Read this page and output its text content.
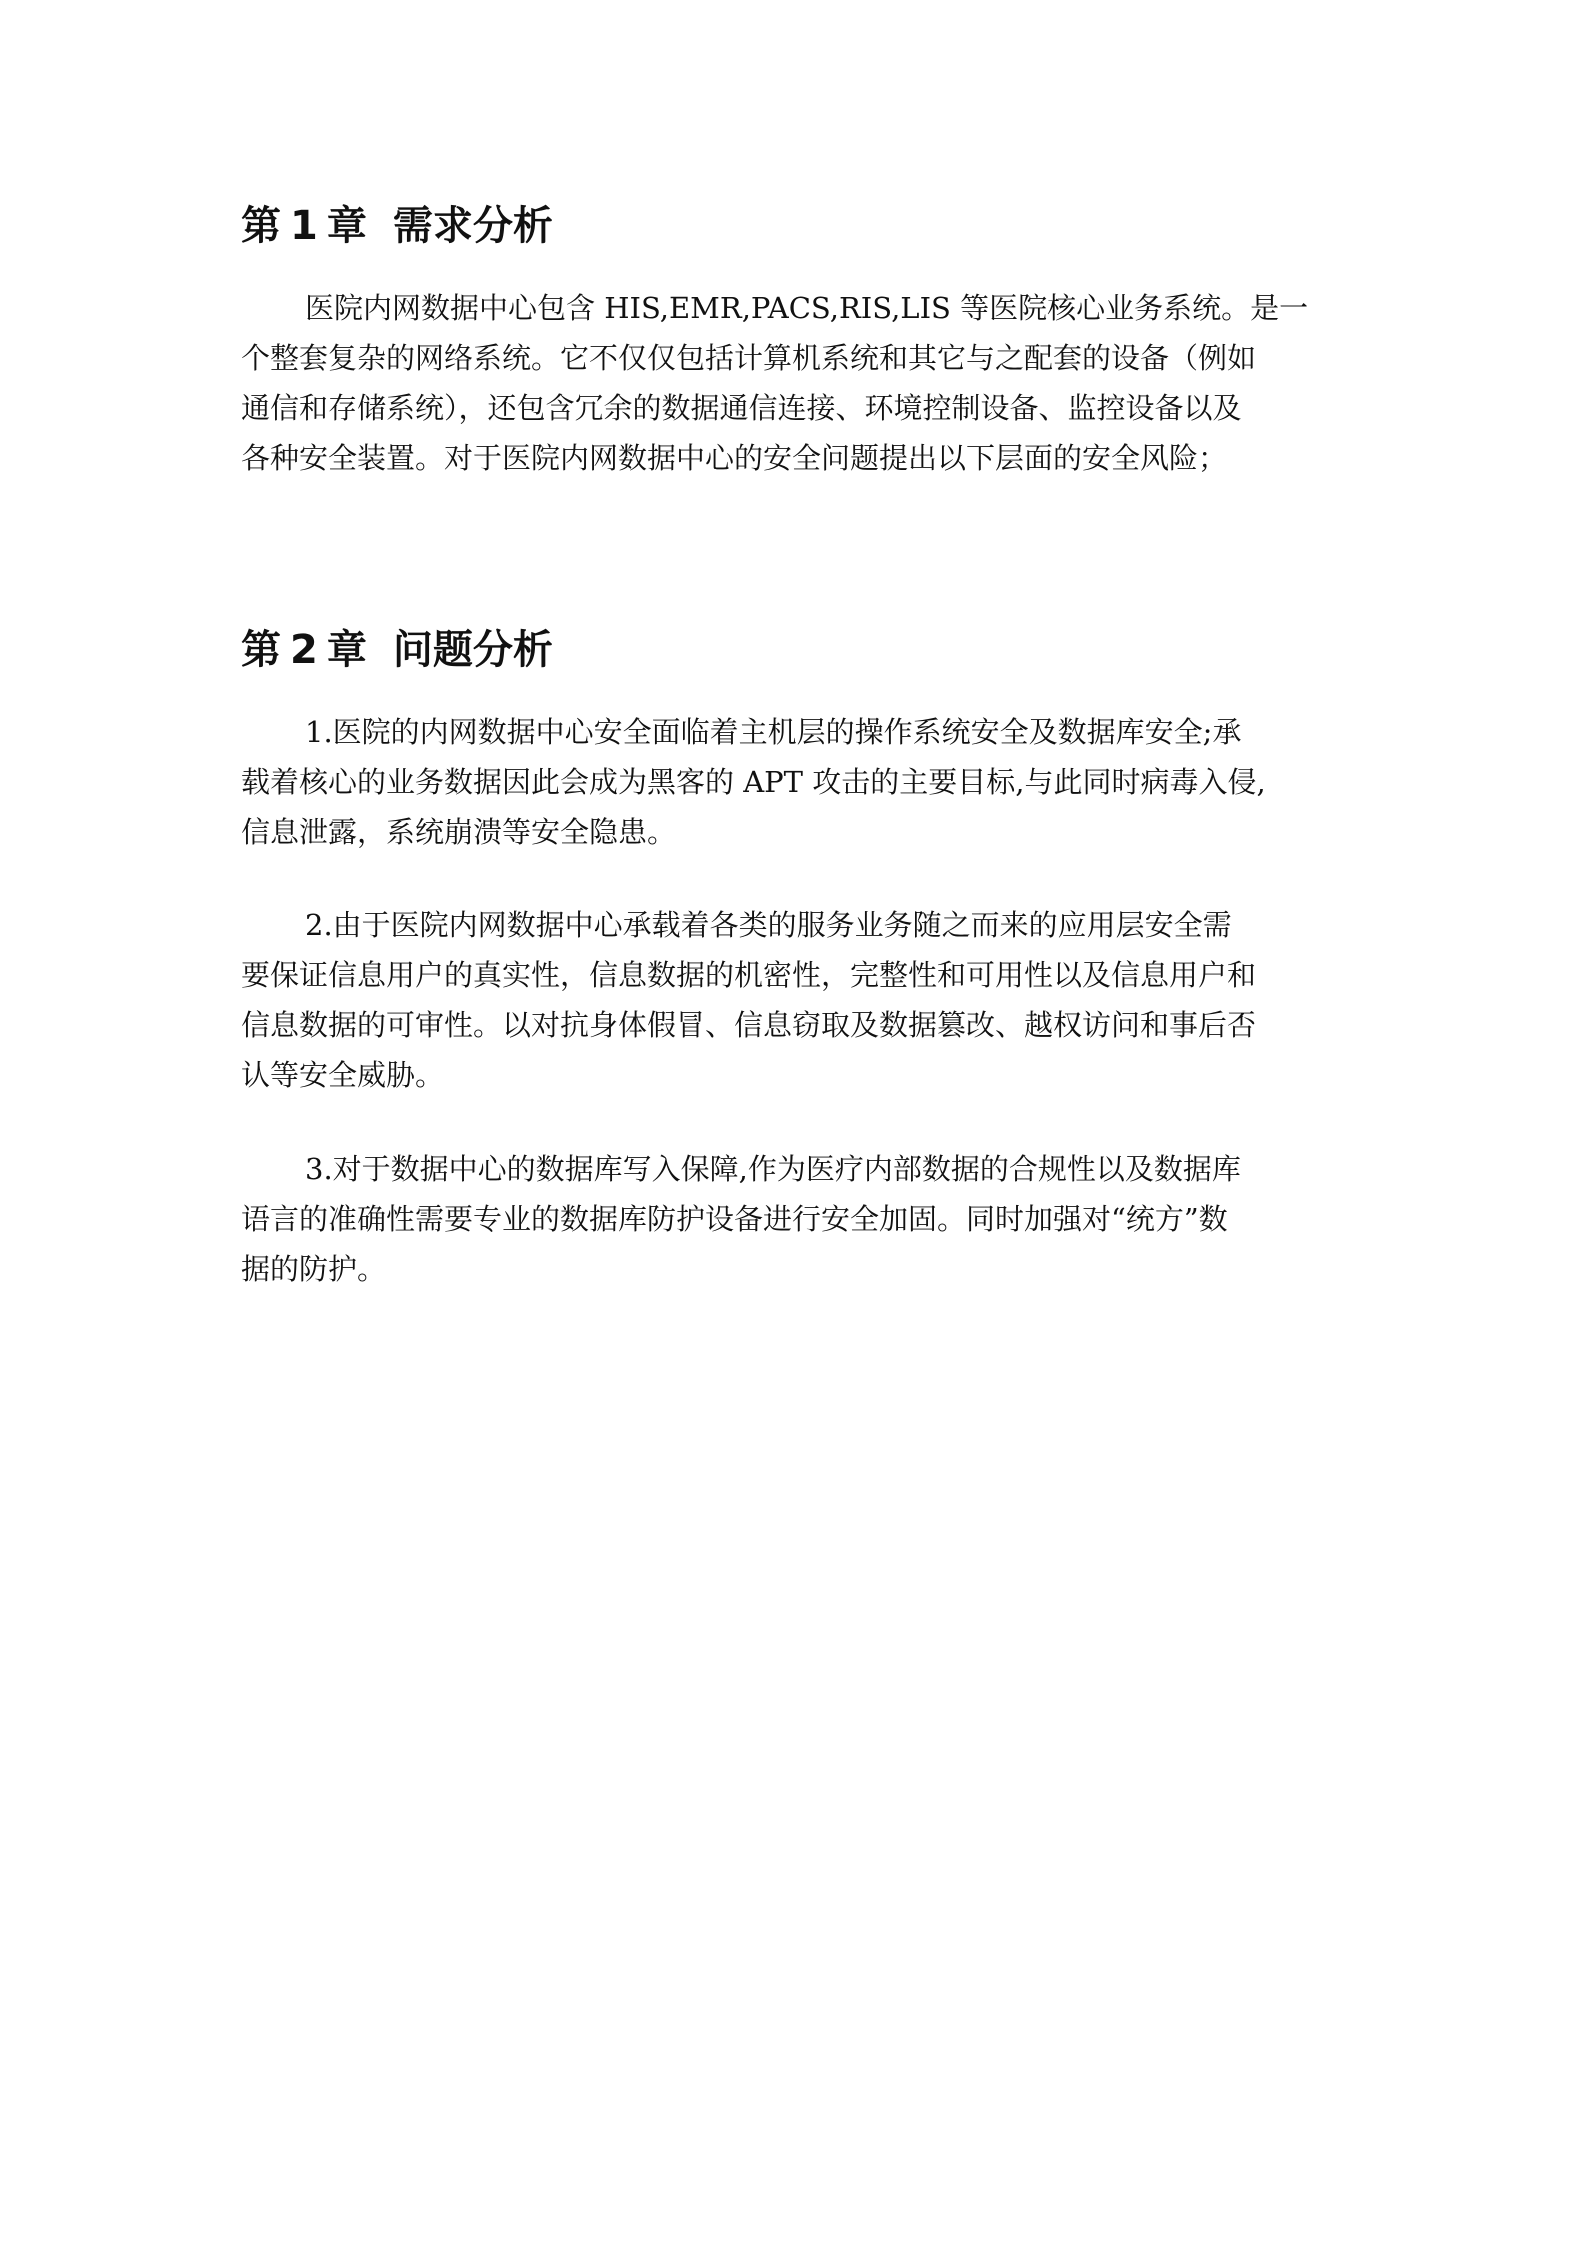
第 1 章 需求分析

医院内网数据中心包含 HIS,EMR,PACS,RIS,LIS 等医院核心业务系统。是一
个整套复杂的网络系统。它不仅仅包括计算机系统和其它与之配套的设备（例如
通信和存储系统），还包含冗余的数据通信连接、环境控制设备、监控设备以及
各种安全装置。对于医院内网数据中心的安全问题提出以下层面的安全风险；

第 2 章 问题分析

1.医院的内网数据中心安全面临着主机层的操作系统安全及数据库安全;承
载着核心的业务数据因此会成为黑客的 APT 攻击的主要目标,与此同时病毒入侵,
信息泄露，系统崩溃等安全隐患。

2.由于医院内网数据中心承载着各类的服务业务随之而来的应用层安全需
要保证信息用户的真实性，信息数据的机密性，完整性和可用性以及信息用户和
信息数据的可审性。以对抗身体假冒、信息窃取及数据篡改、越权访问和事后否
认等安全威胁。

3.对于数据中心的数据库写入保障,作为医疗内部数据的合规性以及数据库
语言的准确性需要专业的数据库防护设备进行安全加固。同时加强对“统方”数
据的防护。
